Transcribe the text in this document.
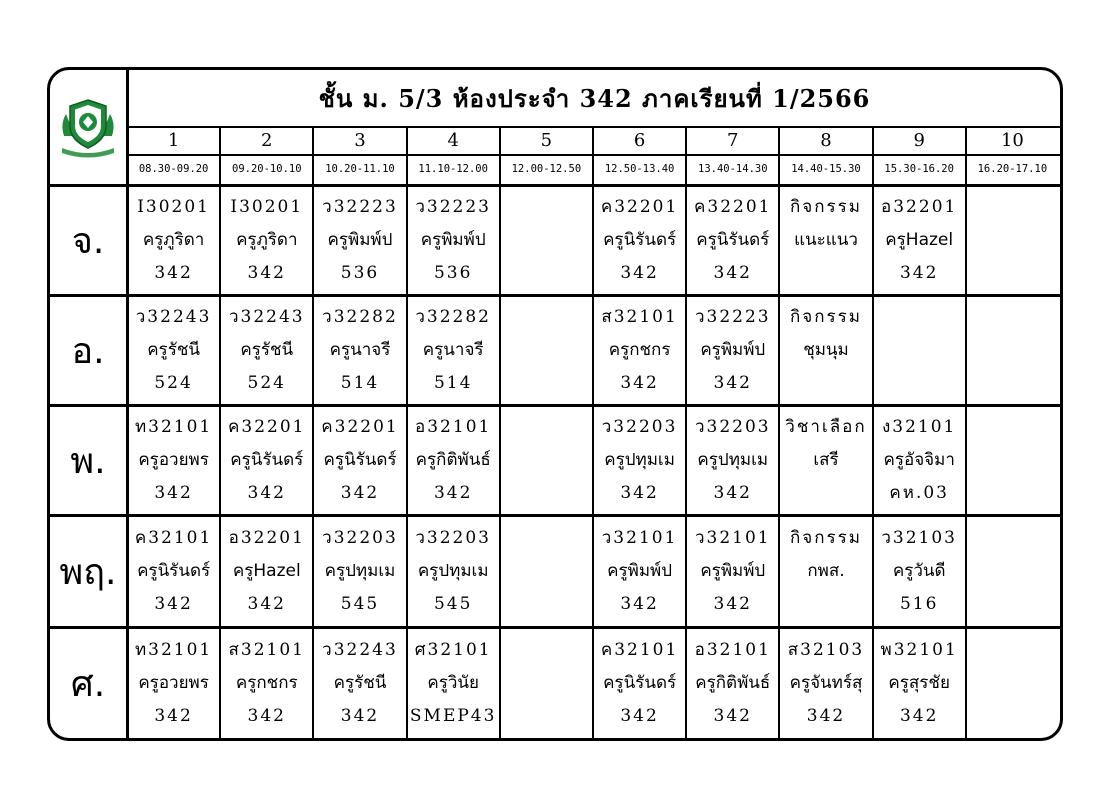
ชั้น ม. 5/3 ห้องประจำ 342 ภาคเรียนที่ 1/2566
1
08.30-09.20
2
09.20-10.10
3
10.20-11.10
4
11.10-12.00
5
12.00-12.50
6
12.50-13.40
7
13.40-14.30
8
14.40-15.30
9
15.30-16.20
10
16.20-17.10
จ.
I30201
ครูภูริดา
342
I30201
ครูภูริดา
342
ว32223
ครูพิมพ์ป
536
ว32223
ครูพิมพ์ป
536
ค32201
ครูนิรันดร์
342
ค32201
ครูนิรันดร์
342
กิจกรรม
แนะแนว
อ32201
ครูHazel
342
อ.
ว32243
ครูรัชนี
524
ว32243
ครูรัชนี
524
ว32282
ครูนาจรี
514
ว32282
ครูนาจรี
514
ส32101
ครูกชกร
342
ว32223
ครูพิมพ์ป
342
กิจกรรม
ชุมนุม
พ.
ท32101
ครูอวยพร
342
ค32201
ครูนิรันดร์
342
ค32201
ครูนิรันดร์
342
อ32101
ครูกิติพันธ์
342
ว32203
ครูปทุมเม
342
ว32203
ครูปทุมเม
342
วิชาเลือก
เสรี
ง32101
ครูอัจจิมา
คห.03
พฤ.
ค32101
ครูนิรันดร์
342
อ32201
ครูHazel
342
ว32203
ครูปทุมเม
545
ว32203
ครูปทุมเม
545
ว32101
ครูพิมพ์ป
342
ว32101
ครูพิมพ์ป
342
กิจกรรม
กพส.
ว32103
ครูวันดี
516
ศ.
ท32101
ครูอวยพร
342
ส32101
ครูกชกร
342
ว32243
ครูรัชนี
342
ศ32101
ครูวินัย
SMEP43
ค32101
ครูนิรันดร์
342
อ32101
ครูกิติพันธ์
342
ส32103
ครูจันทร์สุ
342
พ32101
ครูสุรชัย
342
